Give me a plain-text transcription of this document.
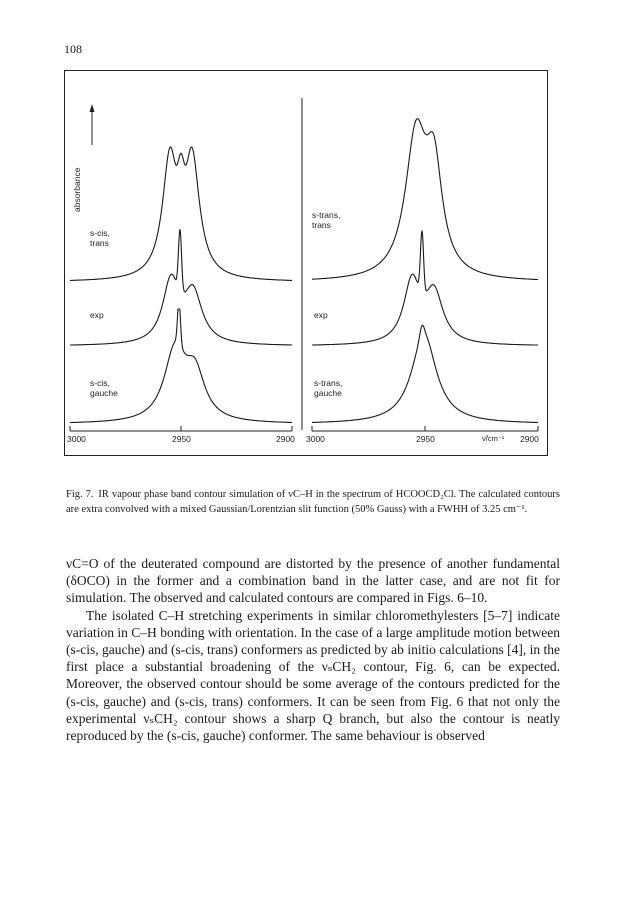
108
absorbance
s-cis,
trans
exp
s-cis,
gauche
s-trans,
trans
exp
s-trans,
gauche
3000	2950	2900 3000	2950	ν̃/cm⁻¹ 2900
Fig. 7. IR vapour phase band contour simulation of νC–H in the spectrum of HCOOCD₂Cl. The calculated contours are extra convolved with a mixed Gaussian/Lorentzian slit function (50% Gauss) with a FWHH of 3.25 cm⁻¹.

νC=O of the deuterated compound are distorted by the presence of another fundamental (δOCO) in the former and a combination band in the latter case, and are not fit for simulation. The observed and calculated contours are compared in Figs. 6–10.

The isolated C–H stretching experiments in similar chloromethylesters [5–7] indicate variation in C–H bonding with orientation. In the case of a large amplitude motion between (s-cis, gauche) and (s-cis, trans) conformers as predicted by ab initio calculations [4], in the first place a substantial broadening of the νₛCH₂ contour, Fig. 6, can be expected. Moreover, the observed contour should be some average of the contours predicted for the (s-cis, gauche) and (s-cis, trans) conformers. It can be seen from Fig. 6 that not only the experimental νₛCH₂ contour shows a sharp Q branch, but also the contour is neatly reproduced by the (s-cis, gauche) conformer. The same behaviour is observed
